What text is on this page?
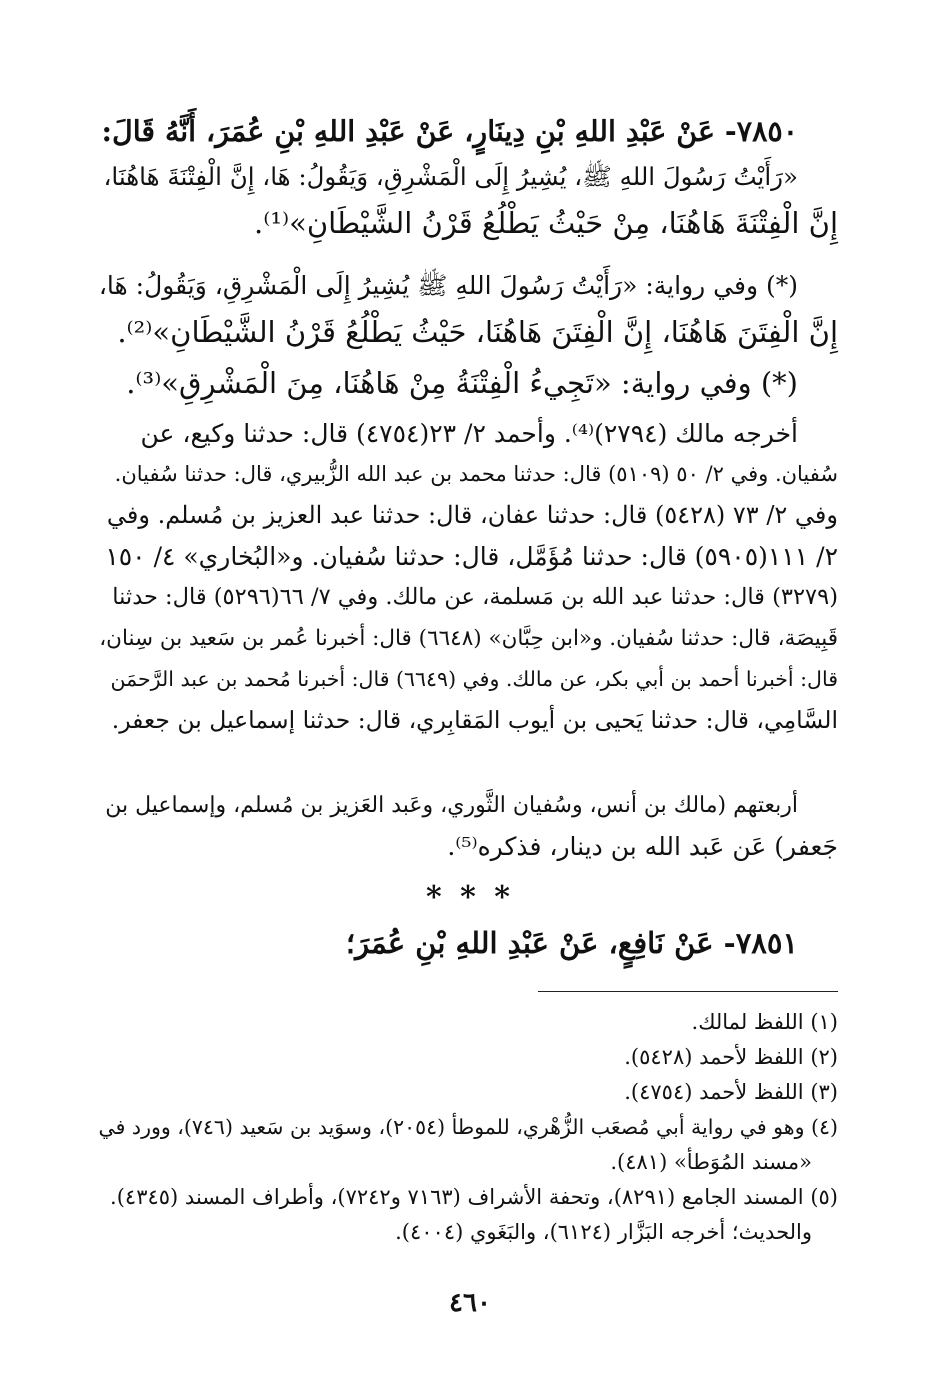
٧٨٥٠- عَنْ عَبْدِ اللهِ بْنِ دِينَارٍ، عَنْ عَبْدِ اللهِ بْنِ عُمَرَ، أَنَّهُ قَالَ:
«رَأَيْتُ رَسُولَ اللهِ ﷺ، يُشِيرُ إِلَى الْمَشْرِقِ، وَيَقُولُ: هَا، إِنَّ الْفِتْنَةَ هَاهُنَا،
إِنَّ الْفِتْنَةَ هَاهُنَا، مِنْ حَيْثُ يَطْلُعُ قَرْنُ الشَّيْطَانِ»⁽¹⁾.
(*) وفي رواية: «رَأَيْتُ رَسُولَ اللهِ ﷺ يُشِيرُ إِلَى الْمَشْرِقِ، وَيَقُولُ: هَا،
إِنَّ الْفِتَنَ هَاهُنَا، إِنَّ الْفِتَنَ هَاهُنَا، حَيْثُ يَطْلُعُ قَرْنُ الشَّيْطَانِ»⁽²⁾.
(*) وفي رواية: «تَجِيءُ الْفِتْنَةُ مِنْ هَاهُنَا، مِنَ الْمَشْرِقِ»⁽³⁾.
أخرجه مالك (٢٧٩٤)⁽⁴⁾. وأحمد ٢/ ٢٣(٤٧٥٤) قال: حدثنا وكيع، عن
سُفيان. وفي ٢/ ٥٠ (٥١٠٩) قال: حدثنا محمد بن عبد الله الزُّبيري، قال: حدثنا سُفيان.
وفي ٢/ ٧٣ (٥٤٢٨) قال: حدثنا عفان، قال: حدثنا عبد العزيز بن مُسلم. وفي
٢/ ١١١(٥٩٠٥) قال: حدثنا مُؤَمَّل، قال: حدثنا سُفيان. و«البُخاري» ٤/ ١٥٠
(٣٢٧٩) قال: حدثنا عبد الله بن مَسلمة، عن مالك. وفي ٧/ ٦٦(٥٢٩٦) قال: حدثنا
قَبِيصَة، قال: حدثنا سُفيان. و«ابن حِبَّان» (٦٦٤٨) قال: أخبرنا عُمر بن سَعيد بن سِنان،
قال: أخبرنا أحمد بن أبي بكر، عن مالك. وفي (٦٦٤٩) قال: أخبرنا مُحمد بن عبد الرَّحمَن
السَّامِي، قال: حدثنا يَحيى بن أيوب المَقابِري، قال: حدثنا إسماعيل بن جعفر.
أربعتهم (مالك بن أنس، وسُفيان الثَّوري، وعَبد العَزيز بن مُسلم، وإسماعيل بن
جَعفر) عَن عَبد الله بن دينار، فذكره⁽⁵⁾.
* * *
٧٨٥١- عَنْ نَافِعٍ، عَنْ عَبْدِ اللهِ بْنِ عُمَرَ؛
(١) اللفظ لمالك.
(٢) اللفظ لأحمد (٥٤٢٨).
(٣) اللفظ لأحمد (٤٧٥٤).
(٤) وهو في رواية أبي مُصعَب الزُّهْري، للموطأ (٢٠٥٤)، وسوَيد بن سَعيد (٧٤٦)، وورد في
«مسند المُوَطأ» (٤٨١).
(٥) المسند الجامع (٨٢٩١)، وتحفة الأشراف (٧١٦٣ و٧٢٤٢)، وأطراف المسند (٤٣٤٥).
والحديث؛ أخرجه البَزَّار (٦١٢٤)، والبَغَوي (٤٠٠٤).
٤٦٠
